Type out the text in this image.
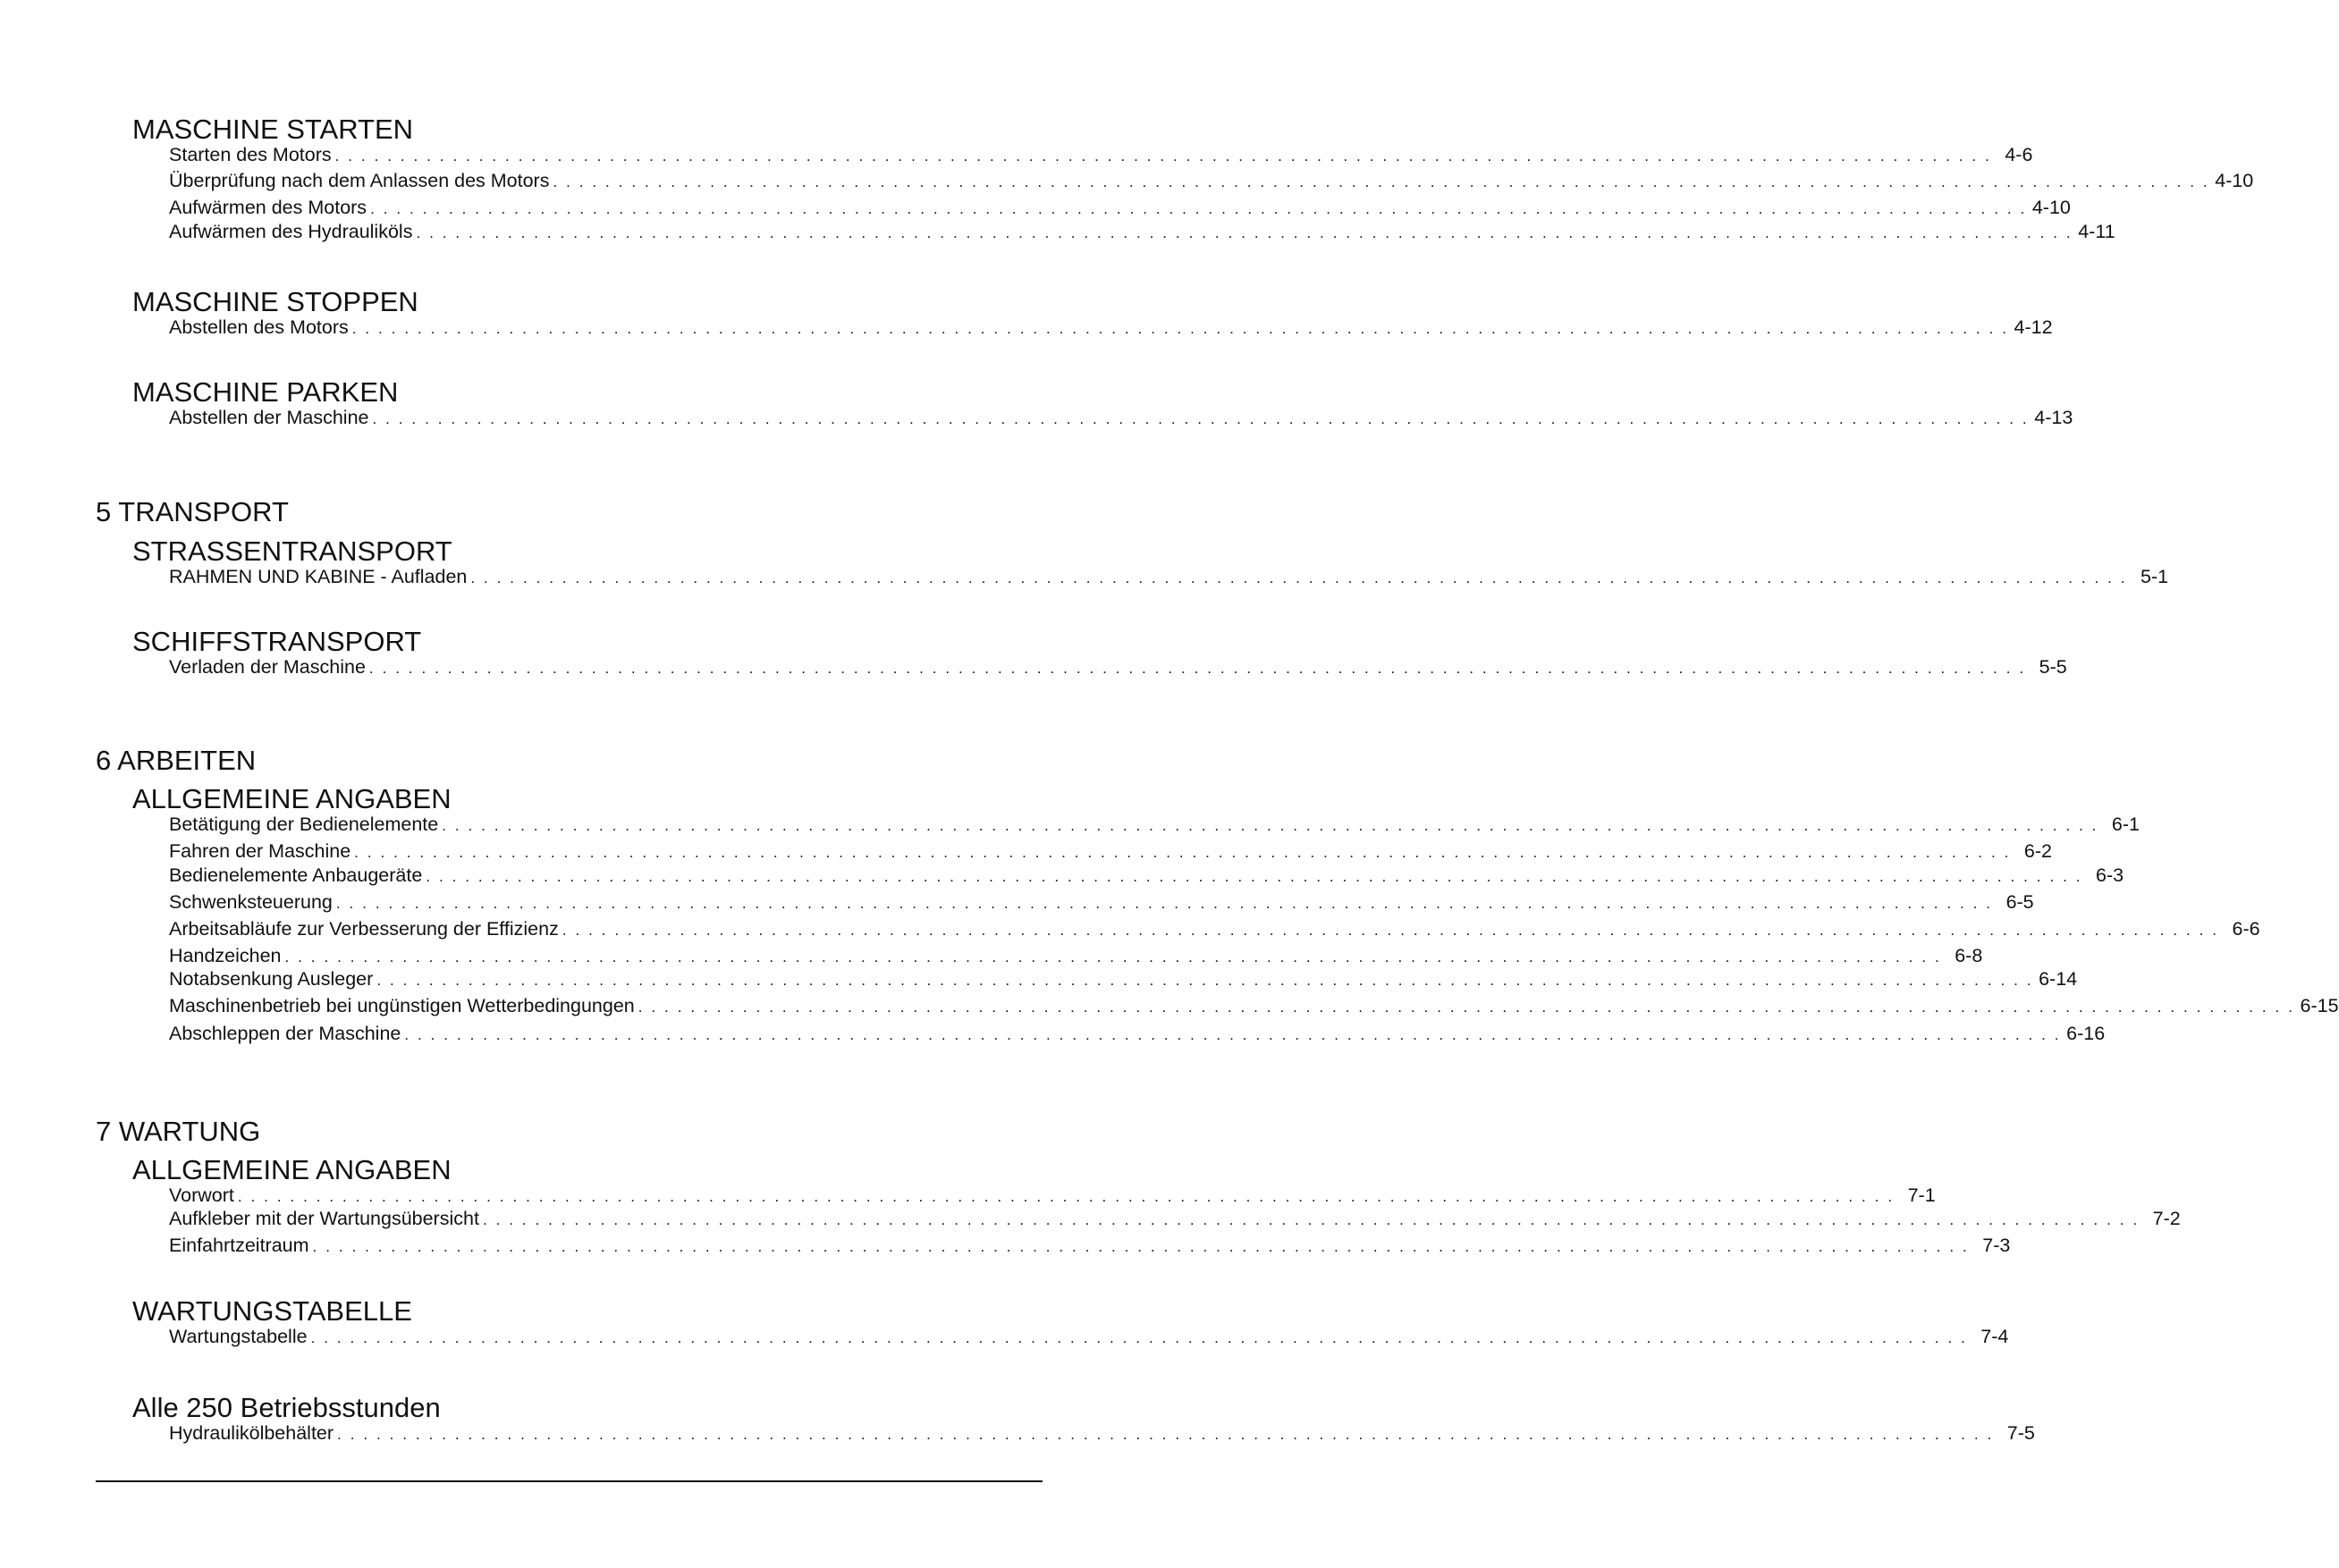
MASCHINE STARTEN
Starten des Motors . . . . . . . . . . . . . . . . . . . . . . . . . . . . . . . . . . . . . . . . . . . . . . . . . . . . . . . . . . . . . . . . . . . . . . . . . . . . . . . . . . . . . . . . . . . . . . . . . . . . . . . . . . . . . . . . . . . . . . . . . . . . . . . 4-6
Überprüfung nach dem Anlassen des Motors . . . . . . . . . . . . . . . . . . . . . . . . . . . . . . . . . . . . . . . . . . . . . . . . . . . . . . . . . . . . . . . . . . . . . . . . . . . . . . . . . . . . . . . . . . . . . . . . . . . . . . . . . . . . . . . . . . . . . . . . . . . . . . . 4-10
Aufwärmen des Motors . . . . . . . . . . . . . . . . . . . . . . . . . . . . . . . . . . . . . . . . . . . . . . . . . . . . . . . . . . . . . . . . . . . . . . . . . . . . . . . . . . . . . . . . . . . . . . . . . . . . . . . . . . . . . . . . . . . . . . . . . . . . . . . 4-10
Aufwärmen des Hydrauliköls . . . . . . . . . . . . . . . . . . . . . . . . . . . . . . . . . . . . . . . . . . . . . . . . . . . . . . . . . . . . . . . . . . . . . . . . . . . . . . . . . . . . . . . . . . . . . . . . . . . . . . . . . . . . . . . . . . . . . . . . . . . . . . . 4-11
MASCHINE STOPPEN
Abstellen des Motors . . . . . . . . . . . . . . . . . . . . . . . . . . . . . . . . . . . . . . . . . . . . . . . . . . . . . . . . . . . . . . . . . . . . . . . . . . . . . . . . . . . . . . . . . . . . . . . . . . . . . . . . . . . . . . . . . . . . . . . . . . . . . . . 4-12
MASCHINE PARKEN
Abstellen der Maschine . . . . . . . . . . . . . . . . . . . . . . . . . . . . . . . . . . . . . . . . . . . . . . . . . . . . . . . . . . . . . . . . . . . . . . . . . . . . . . . . . . . . . . . . . . . . . . . . . . . . . . . . . . . . . . . . . . . . . . . . . . . . . . . 4-13
5 TRANSPORT
STRASSENTRANSPORT
RAHMEN UND KABINE - Aufladen . . . . . . . . . . . . . . . . . . . . . . . . . . . . . . . . . . . . . . . . . . . . . . . . . . . . . . . . . . . . . . . . . . . . . . . . . . . . . . . . . . . . . . . . . . . . . . . . . . . . . . . . . . . . . . . . . . . . . . . . . . . . . . . 5-1
SCHIFFSTRANSPORT
Verladen der Maschine . . . . . . . . . . . . . . . . . . . . . . . . . . . . . . . . . . . . . . . . . . . . . . . . . . . . . . . . . . . . . . . . . . . . . . . . . . . . . . . . . . . . . . . . . . . . . . . . . . . . . . . . . . . . . . . . . . . . . . . . . . . . . . . 5-5
6 ARBEITEN
ALLGEMEINE ANGABEN
Betätigung der Bedienelemente . . . . . . . . . . . . . . . . . . . . . . . . . . . . . . . . . . . . . . . . . . . . . . . . . . . . . . . . . . . . . . . . . . . . . . . . . . . . . . . . . . . . . . . . . . . . . . . . . . . . . . . . . . . . . . . . . . . . . . . . . . . . . . . 6-1
Fahren der Maschine . . . . . . . . . . . . . . . . . . . . . . . . . . . . . . . . . . . . . . . . . . . . . . . . . . . . . . . . . . . . . . . . . . . . . . . . . . . . . . . . . . . . . . . . . . . . . . . . . . . . . . . . . . . . . . . . . . . . . . . . . . . . . . . 6-2
Bedienelemente Anbaugeräte . . . . . . . . . . . . . . . . . . . . . . . . . . . . . . . . . . . . . . . . . . . . . . . . . . . . . . . . . . . . . . . . . . . . . . . . . . . . . . . . . . . . . . . . . . . . . . . . . . . . . . . . . . . . . . . . . . . . . . . . . . . . . . . 6-3
Schwenksteuerung . . . . . . . . . . . . . . . . . . . . . . . . . . . . . . . . . . . . . . . . . . . . . . . . . . . . . . . . . . . . . . . . . . . . . . . . . . . . . . . . . . . . . . . . . . . . . . . . . . . . . . . . . . . . . . . . . . . . . . . . . . . . . . . 6-5
Arbeitsabläufe zur Verbesserung der Effizienz . . . . . . . . . . . . . . . . . . . . . . . . . . . . . . . . . . . . . . . . . . . . . . . . . . . . . . . . . . . . . . . . . . . . . . . . . . . . . . . . . . . . . . . . . . . . . . . . . . . . . . . . . . . . . . . . . . . . . . . . . . . . . . . 6-6
Handzeichen . . . . . . . . . . . . . . . . . . . . . . . . . . . . . . . . . . . . . . . . . . . . . . . . . . . . . . . . . . . . . . . . . . . . . . . . . . . . . . . . . . . . . . . . . . . . . . . . . . . . . . . . . . . . . . . . . . . . . . . . . . . . . . . 6-8
Notabsenkung Ausleger . . . . . . . . . . . . . . . . . . . . . . . . . . . . . . . . . . . . . . . . . . . . . . . . . . . . . . . . . . . . . . . . . . . . . . . . . . . . . . . . . . . . . . . . . . . . . . . . . . . . . . . . . . . . . . . . . . . . . . . . . . . . . . . 6-14
Maschinenbetrieb bei ungünstigen Wetterbedingungen . . . . . . . . . . . . . . . . . . . . . . . . . . . . . . . . . . . . . . . . . . . . . . . . . . . . . . . . . . . . . . . . . . . . . . . . . . . . . . . . . . . . . . . . . . . . . . . . . . . . . . . . . . . . . . . . . . . . . . . . . . . . . . . 6-15
Abschleppen der Maschine . . . . . . . . . . . . . . . . . . . . . . . . . . . . . . . . . . . . . . . . . . . . . . . . . . . . . . . . . . . . . . . . . . . . . . . . . . . . . . . . . . . . . . . . . . . . . . . . . . . . . . . . . . . . . . . . . . . . . . . . . . . . . . . 6-16
7 WARTUNG
ALLGEMEINE ANGABEN
Vorwort . . . . . . . . . . . . . . . . . . . . . . . . . . . . . . . . . . . . . . . . . . . . . . . . . . . . . . . . . . . . . . . . . . . . . . . . . . . . . . . . . . . . . . . . . . . . . . . . . . . . . . . . . . . . . . . . . . . . . . . . . . . . . . . 7-1
Aufkleber mit der Wartungsübersicht . . . . . . . . . . . . . . . . . . . . . . . . . . . . . . . . . . . . . . . . . . . . . . . . . . . . . . . . . . . . . . . . . . . . . . . . . . . . . . . . . . . . . . . . . . . . . . . . . . . . . . . . . . . . . . . . . . . . . . . . . . . . . . . 7-2
Einfahrtzeitraum . . . . . . . . . . . . . . . . . . . . . . . . . . . . . . . . . . . . . . . . . . . . . . . . . . . . . . . . . . . . . . . . . . . . . . . . . . . . . . . . . . . . . . . . . . . . . . . . . . . . . . . . . . . . . . . . . . . . . . . . . . . . . . . 7-3
WARTUNGSTABELLE
Wartungstabelle . . . . . . . . . . . . . . . . . . . . . . . . . . . . . . . . . . . . . . . . . . . . . . . . . . . . . . . . . . . . . . . . . . . . . . . . . . . . . . . . . . . . . . . . . . . . . . . . . . . . . . . . . . . . . . . . . . . . . . . . . . . . . . . 7-4
Alle 250 Betriebsstunden
Hydraulikölbehälter . . . . . . . . . . . . . . . . . . . . . . . . . . . . . . . . . . . . . . . . . . . . . . . . . . . . . . . . . . . . . . . . . . . . . . . . . . . . . . . . . . . . . . . . . . . . . . . . . . . . . . . . . . . . . . . . . . . . . . . . . . . . . . . 7-5
